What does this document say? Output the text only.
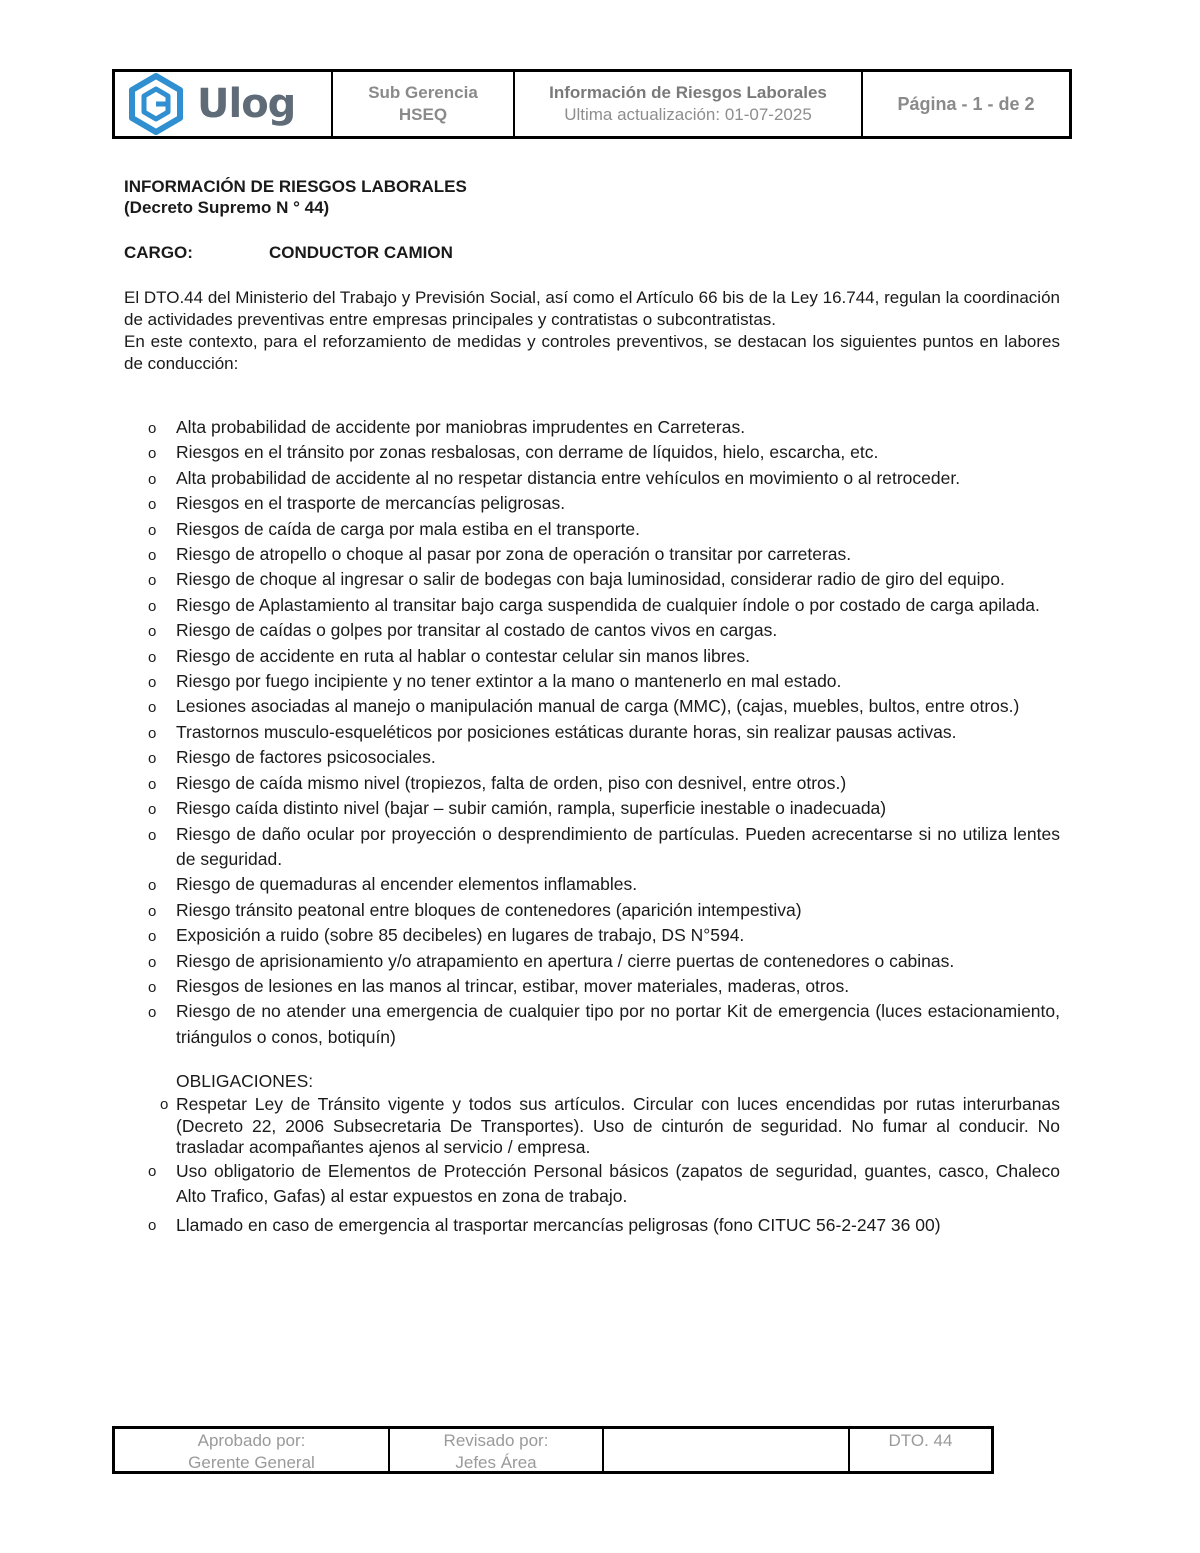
Ulog	Sub Gerencia
HSEQ
Información de Riesgos Laborales
Ultima actualización: 01-07-2025
Página - 1 - de 2
INFORMACIÓN DE RIESGOS LABORALES
(Decreto Supremo N ° 44)
CARGO:	CONDUCTOR CAMION

El DTO.44 del Ministerio del Trabajo y Previsión Social, así como el Artículo 66 bis de la Ley 16.744, regulan la coordinación de actividades preventivas entre empresas principales y contratistas o subcontratistas.

En este contexto, para el reforzamiento de medidas y controles preventivos, se destacan los siguientes puntos en labores de conducción:

o Alta probabilidad de accidente por maniobras imprudentes en Carreteras.
o Riesgos en el tránsito por zonas resbalosas, con derrame de líquidos, hielo, escarcha, etc.
o Alta probabilidad de accidente al no respetar distancia entre vehículos en movimiento o al retroceder.
o Riesgos en el trasporte de mercancías peligrosas.
o Riesgos de caída de carga por mala estiba en el transporte.
o Riesgo de atropello o choque al pasar por zona de operación o transitar por carreteras.
o Riesgo de choque al ingresar o salir de bodegas con baja luminosidad, considerar radio de giro del equipo.
o Riesgo de Aplastamiento al transitar bajo carga suspendida de cualquier índole o por costado de carga apilada.
o Riesgo de caídas o golpes por transitar al costado de cantos vivos en cargas.
o Riesgo de accidente en ruta al hablar o contestar celular sin manos libres.
o Riesgo por fuego incipiente y no tener extintor a la mano o mantenerlo en mal estado.
o Lesiones asociadas al manejo o manipulación manual de carga (MMC), (cajas, muebles, bultos, entre otros.)
o Trastornos musculo-esqueléticos por posiciones estáticas durante horas, sin realizar pausas activas.
o Riesgo de factores psicosociales.
o Riesgo de caída mismo nivel (tropiezos, falta de orden, piso con desnivel, entre otros.)
o Riesgo caída distinto nivel (bajar – subir camión, rampla, superficie inestable o inadecuada)
o Riesgo de daño ocular por proyección o desprendimiento de partículas. Pueden acrecentarse si no utiliza lentes de seguridad.
o Riesgo de quemaduras al encender elementos inflamables.
o Riesgo tránsito peatonal entre bloques de contenedores (aparición intempestiva)
o Exposición a ruido (sobre 85 decibeles) en lugares de trabajo, DS N°594.
o Riesgo de aprisionamiento y/o atrapamiento en apertura / cierre puertas de contenedores o cabinas.
o Riesgos de lesiones en las manos al trincar, estibar, mover materiales, maderas, otros.
o Riesgo de no atender una emergencia de cualquier tipo por no portar Kit de emergencia (luces estacionamiento, triángulos o conos, botiquín)
OBLIGACIONES:
o Respetar Ley de Tránsito vigente y todos sus artículos. Circular con luces encendidas por rutas interurbanas (Decreto 22, 2006 Subsecretaria De Transportes). Uso de cinturón de seguridad. No fumar al conducir. No trasladar acompañantes ajenos al servicio / empresa.
o Uso obligatorio de Elementos de Protección Personal básicos (zapatos de seguridad, guantes, casco, Chaleco Alto Trafico, Gafas) al estar expuestos en zona de trabajo.
o Llamado en caso de emergencia al trasportar mercancías peligrosas (fono CITUC 56-2-247 36 00)
Aprobado por:
Gerente General
Revisado por:
Jefes Área
DTO. 44
